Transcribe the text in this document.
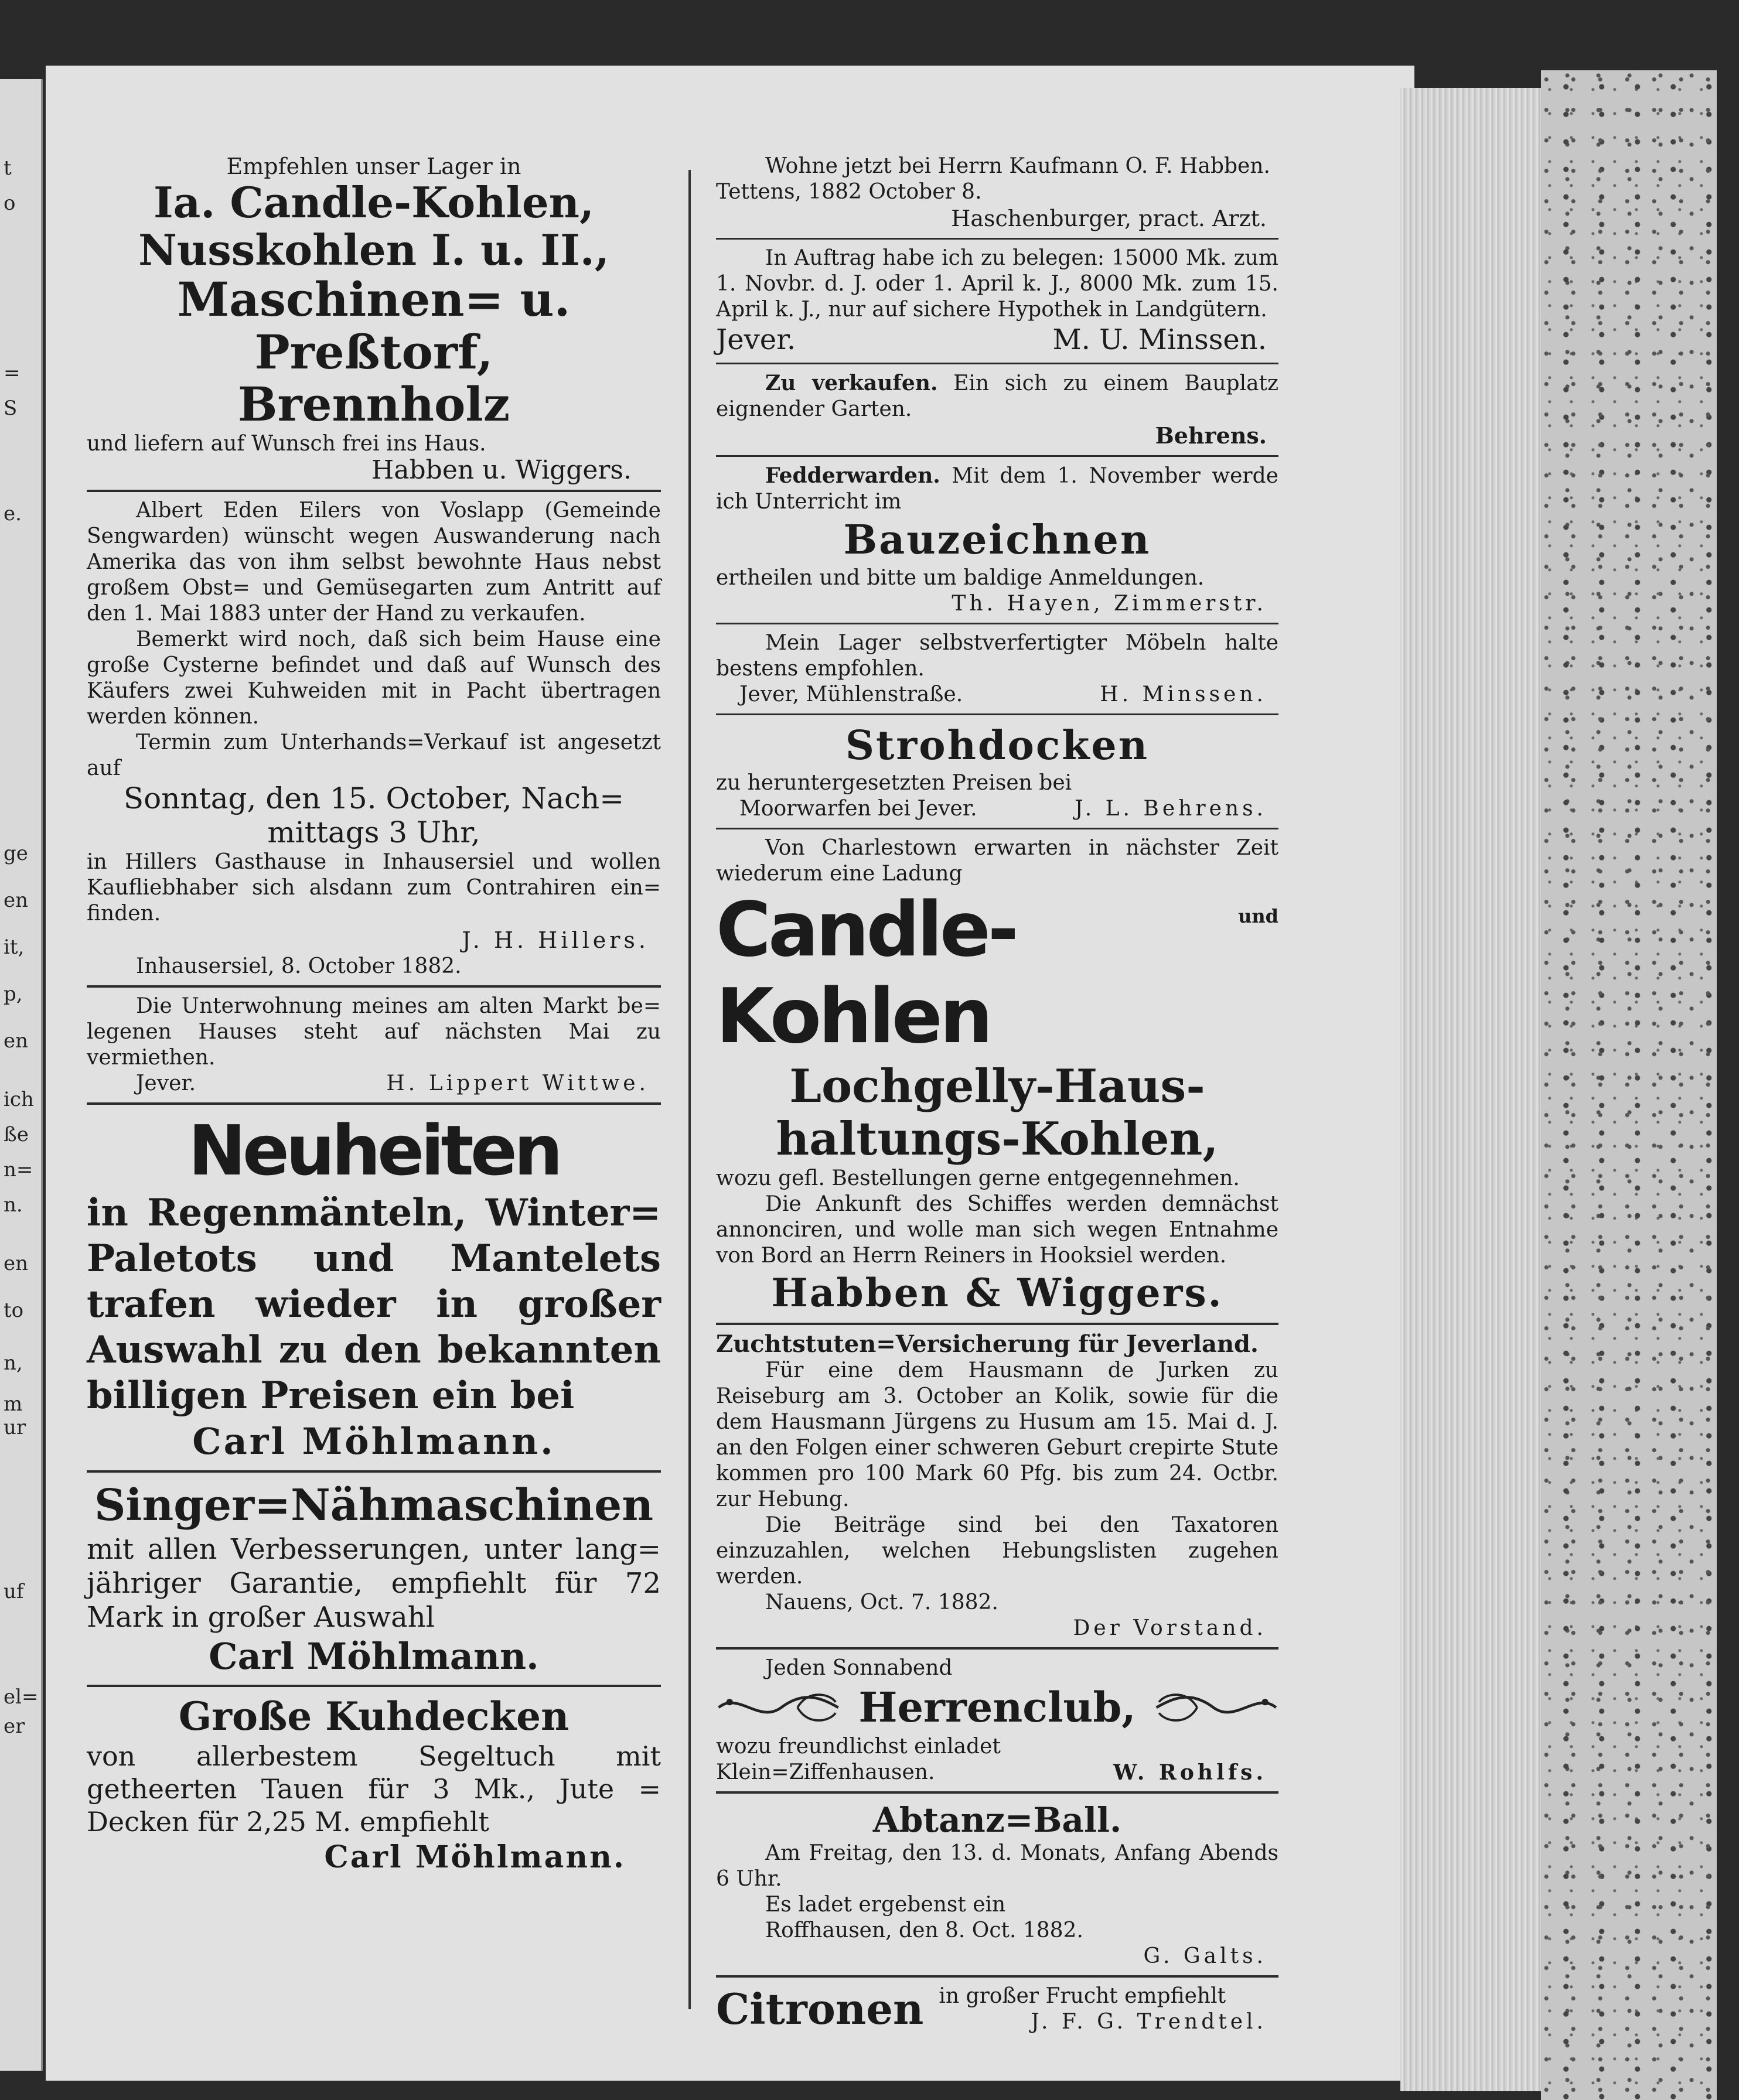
t
o
=
S
e.
ge
en
it,
p,
en
ich
ße
n=
n.
en
to
n,
m
ur
uf
el=
er
Empfehlen unser Lager in
Ia. Candle-Kohlen,
Nusskohlen I. u. II.,
Maschinen= u. Preßtorf,
Brennholz
und liefern auf Wunsch frei ins Haus.
Habben u. Wiggers.
Albert Eden Eilers von Voslapp (Gemeinde Sengwarden) wünscht wegen Auswanderung nach Amerika das von ihm selbst bewohnte Haus nebst großem Obst= und Gemüsegarten zum Antritt auf den 1. Mai 1883 unter der Hand zu verkaufen.
Bemerkt wird noch, daß sich beim Hause eine große Cysterne befindet und daß auf Wunsch des Käufers zwei Kuhweiden mit in Pacht übertragen werden können.
Termin zum Unterhands=Verkauf ist angesetzt auf
Sonntag, den 15. October, Nach=
mittags 3 Uhr,
in Hillers Gasthause in Inhausersiel und wollen Kaufliebhaber sich alsdann zum Contrahiren ein= finden.
J. H. Hillers.
Inhausersiel, 8. October 1882.
Die Unterwohnung meines am alten Markt be= legenen Hauses steht auf nächsten Mai zu vermiethen.
Jever.	H. Lippert Wittwe.
Neuheiten
in Regenmänteln, Winter= Paletots und Mantelets trafen wieder in großer Auswahl zu den bekannten billigen Preisen ein bei
Carl Möhlmann.
Singer=Nähmaschinen
mit allen Verbesserungen, unter lang= jähriger Garantie, empfiehlt für 72 Mark in großer Auswahl
Carl Möhlmann.
Große Kuhdecken
von allerbestem Segeltuch mit getheerten Tauen für 3 Mk., Jute = Decken für 2,25 M. empfiehlt
Carl Möhlmann.
Wohne jetzt bei Herrn Kaufmann O. F. Habben.
Tettens, 1882 October 8.
Haschenburger, pract. Arzt.
In Auftrag habe ich zu belegen: 15000 Mk. zum 1. Novbr. d. J. oder 1. April k. J., 8000 Mk. zum 15. April k. J., nur auf sichere Hypothek in Landgütern.
Jever.	M. U. Minssen.
Zu verkaufen. Ein sich zu einem Bauplatz eignender Garten.
Behrens.
Fedderwarden. Mit dem 1. November werde ich Unterricht im
Bauzeichnen
ertheilen und bitte um baldige Anmeldungen.
Th. Hayen, Zimmerstr.
Mein Lager selbstverfertigter Möbeln halte bestens empfohlen.
Jever, Mühlenstraße.	H. Minssen.
Strohdocken
zu heruntergesetzten Preisen bei
Moorwarfen bei Jever.	J. L. Behrens.
Von Charlestown erwarten in nächster Zeit wiederum eine Ladung
Candle-Kohlen
und
Lochgelly-Haus-
haltungs-Kohlen,
wozu gefl. Bestellungen gerne entgegennehmen.
Die Ankunft des Schiffes werden demnächst annonciren, und wolle man sich wegen Entnahme von Bord an Herrn Reiners in Hooksiel werden.
Habben & Wiggers.
Zuchtstuten=Versicherung für Jeverland.
Für eine dem Hausmann de Jurken zu Reiseburg am 3. October an Kolik, sowie für die dem Hausmann Jürgens zu Husum am 15. Mai d. J. an den Folgen einer schweren Geburt crepirte Stute kommen pro 100 Mark 60 Pfg. bis zum 24. Octbr. zur Hebung.
Die Beiträge sind bei den Taxatoren einzuzahlen, welchen Hebungslisten zugehen werden.
Nauens, Oct. 7. 1882.
Der Vorstand.
Jeden Sonnabend
Herrenclub,
wozu freundlichst einladet
Klein=Ziffenhausen.	W. Rohlfs.
Abtanz=Ball.
Am Freitag, den 13. d. Monats, Anfang Abends 6 Uhr.
Es ladet ergebenst ein
Roffhausen, den 8. Oct. 1882.
G. Galts.
Citronen in großer Frucht empfiehlt
J. F. G. Trendtel.
